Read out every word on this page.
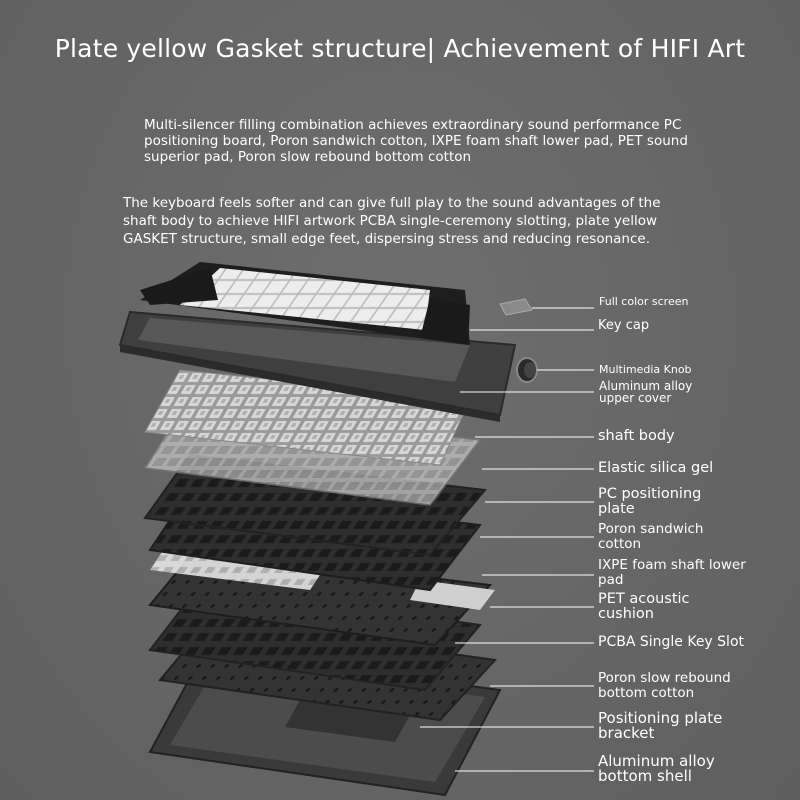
Plate yellow Gasket structure| Achievement of HIFI Art
Multi-silencer filling combination achieves extraordinary sound performance PC positioning board, Poron sandwich cotton, IXPE foam shaft lower pad, PET sound superior pad, Poron slow rebound bottom cotton
The keyboard feels softer and can give full play to the sound advantages of the shaft body to achieve HIFI artwork PCBA single-ceremony slotting, plate yellow GASKET structure, small edge feet, dispersing stress and reducing resonance.
Full color screen
Key cap
Multimedia Knob
Aluminum alloy upper cover
shaft body
Elastic silica gel
PC positioning plate
Poron sandwich cotton
IXPE foam shaft lower pad
PET acoustic cushion
PCBA Single Key Slot
Poron slow rebound bottom cotton
Positioning plate bracket
Aluminum alloy bottom shell
